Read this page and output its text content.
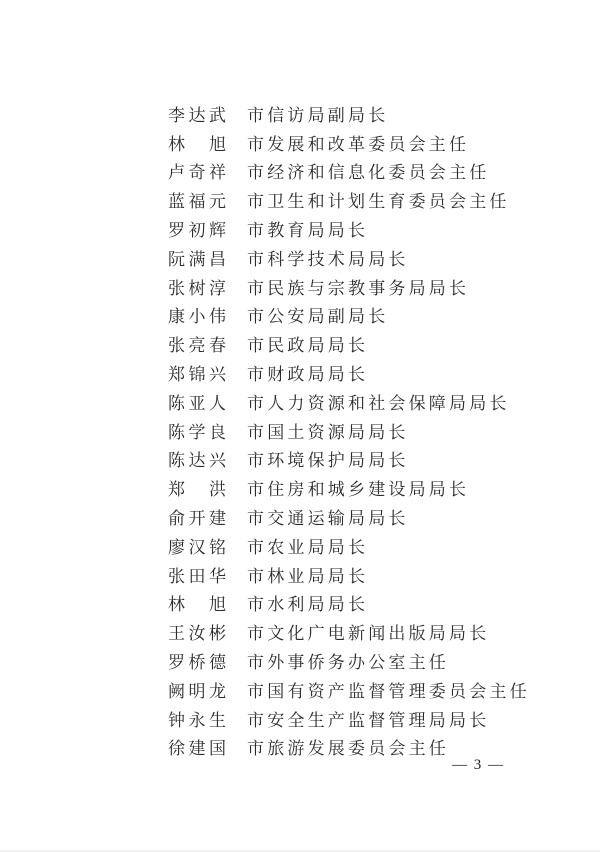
李达武 市信访局副局长
林　旭 市发展和改革委员会主任
卢奇祥 市经济和信息化委员会主任
蓝福元 市卫生和计划生育委员会主任
罗初辉 市教育局局长
阮满昌 市科学技术局局长
张树淳 市民族与宗教事务局局长
康小伟 市公安局副局长
张亮春 市民政局局长
郑锦兴 市财政局局长
陈亚人 市人力资源和社会保障局局长
陈学良 市国土资源局局长
陈达兴 市环境保护局局长
郑　洪 市住房和城乡建设局局长
俞开建 市交通运输局局长
廖汉铭 市农业局局长
张田华 市林业局局长
林　旭 市水利局局长
王汝彬 市文化广电新闻出版局局长
罗桥德 市外事侨务办公室主任
阙明龙 市国有资产监督管理委员会主任
钟永生 市安全生产监督管理局局长
徐建国 市旅游发展委员会主任
— 3 —
